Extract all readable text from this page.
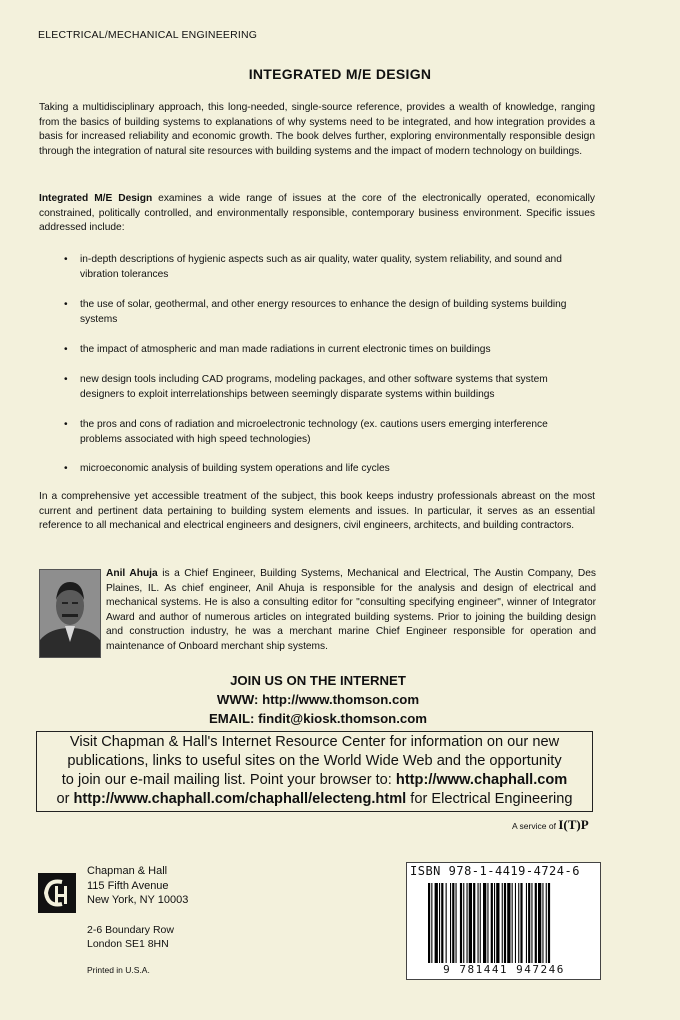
ELECTRICAL/MECHANICAL ENGINEERING
INTEGRATED M/E DESIGN
Taking a multidisciplinary approach, this long-needed, single-source reference, provides a wealth of knowledge, ranging from the basics of building systems to explanations of why systems need to be integrated, and how integration provides a basis for increased reliability and economic growth. The book delves further, exploring environmentally responsible design through the integration of natural site resources with building systems and the impact of modern technology on buildings.
Integrated M/E Design examines a wide range of issues at the core of the electronically operated, economically constrained, politically controlled, and environmentally responsible, contemporary business environment. Specific issues addressed include:
• in-depth descriptions of hygienic aspects such as air quality, water quality, system reliability, and sound and vibration tolerances
• the use of solar, geothermal, and other energy resources to enhance the design of building systems building systems
• the impact of atmospheric and man made radiations in current electronic times on buildings
• new design tools including CAD programs, modeling packages, and other software systems that system designers to exploit interrelationships between seemingly disparate systems within buildings
• the pros and cons of radiation and microelectronic technology (ex. cautions users emerging interference problems associated with high speed technologies)
• microeconomic analysis of building system operations and life cycles
In a comprehensive yet accessible treatment of the subject, this book keeps industry professionals abreast on the most current and pertinent data pertaining to building system elements and issues. In particular, it serves as an essential reference to all mechanical and electrical engineers and designers, civil engineers, architects, and building contractors.
Anil Ahuja is a Chief Engineer, Building Systems, Mechanical and Electrical, The Austin Company, Des Plaines, IL. As chief engineer, Anil Ahuja is responsible for the analysis and design of electrical and mechanical systems. He is also a consulting editor for "consulting specifying engineer", winner of Integrator Award and author of numerous articles on integrated building systems. Prior to joining the building design and construction industry, he was a merchant marine Chief Engineer responsible for operation and maintenance of Onboard merchant ship systems.
JOIN US ON THE INTERNET
WWW: http://www.thomson.com
EMAIL: findit@kiosk.thomson.com
Visit Chapman & Hall's Internet Resource Center for information on our new
publications, links to useful sites on the World Wide Web and the opportunity
to join our e-mail mailing list. Point your browser to: http://www.chaphall.com
or http://www.chaphall.com/chaphall/electeng.html for Electrical Engineering
A service of I(T)P
Chapman & Hall
115 Fifth Avenue
New York, NY 10003
2-6 Boundary Row
London SE1 8HN
Printed in U.S.A.
ISBN 978-1-4419-4724-6
9 781441 947246
